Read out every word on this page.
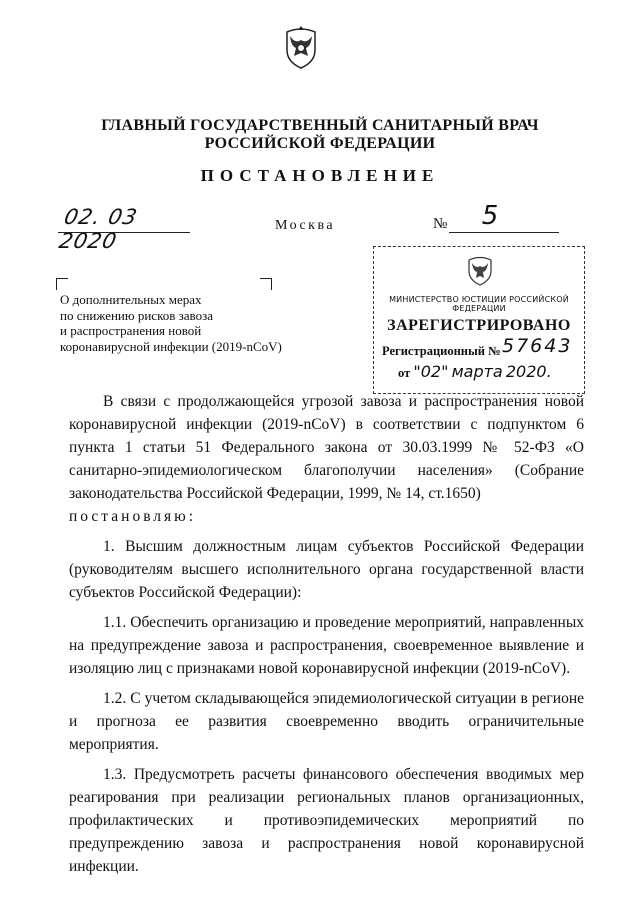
ГЛАВНЫЙ ГОСУДАРСТВЕННЫЙ САНИТАРНЫЙ ВРАЧ
РОССИЙСКОЙ ФЕДЕРАЦИИ
ПОСТАНОВЛЕНИЕ
02. 03 2020
Москва	№	5
О дополнительных мерах
по снижению рисков завоза
и распространения новой
коронавирусной инфекции (2019-nCoV)
МИНИСТЕРСТВО ЮСТИЦИИ РОССИЙСКОЙ ФЕДЕРАЦИИ
ЗАРЕГИСТРИРОВАНО
Регистрационный № 57643
от "02" марта 2020.

В связи с продолжающейся угрозой завоза и распространения новой коронавирусной инфекции (2019-nCoV) в соответствии с подпунктом 6 пункта 1 статьи 51 Федерального закона от 30.03.1999 № 52-ФЗ «О санитарно-эпидемиологическом благополучии населения» (Собрание законодательства Российской Федерации, 1999, № 14, ст.1650)

постановляю:

1. Высшим должностным лицам субъектов Российской Федерации (руководителям высшего исполнительного органа государственной власти субъектов Российской Федерации):

1.1. Обеспечить организацию и проведение мероприятий, направленных на предупреждение завоза и распространения, своевременное выявление и изоляцию лиц с признаками новой коронавирусной инфекции (2019-nCoV).

1.2. С учетом складывающейся эпидемиологической ситуации в регионе и прогноза ее развития своевременно вводить ограничительные мероприятия.

1.3. Предусмотреть расчеты финансового обеспечения вводимых мер реагирования при реализации региональных планов организационных, профилактических и противоэпидемических мероприятий по предупреждению завоза и распространения новой коронавирусной инфекции.
